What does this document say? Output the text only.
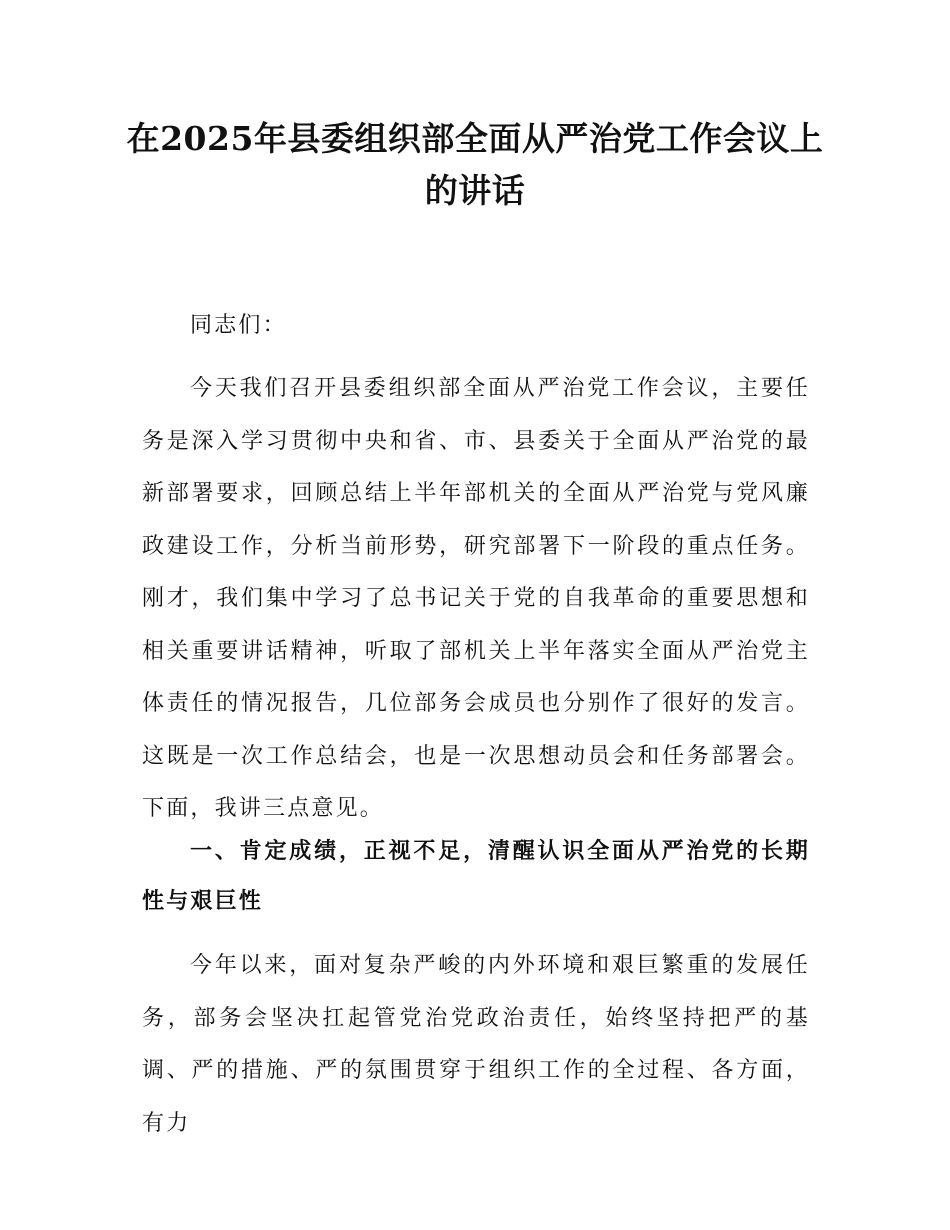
在2025年县委组织部全面从严治党工作会议上的讲话

同志们：

今天我们召开县委组织部全面从严治党工作会议，主要任务是深入学习贯彻中央和省、市、县委关于全面从严治党的最新部署要求，回顾总结上半年部机关的全面从严治党与党风廉政建设工作，分析当前形势，研究部署下一阶段的重点任务。刚才，我们集中学习了总书记关于党的自我革命的重要思想和相关重要讲话精神，听取了部机关上半年落实全面从严治党主体责任的情况报告，几位部务会成员也分别作了很好的发言。这既是一次工作总结会，也是一次思想动员会和任务部署会。下面，我讲三点意见。

一、肯定成绩，正视不足，清醒认识全面从严治党的长期性与艰巨性

今年以来，面对复杂严峻的内外环境和艰巨繁重的发展任务，部务会坚决扛起管党治党政治责任，始终坚持把严的基调、严的措施、严的氛围贯穿于组织工作的全过程、各方面，有力
